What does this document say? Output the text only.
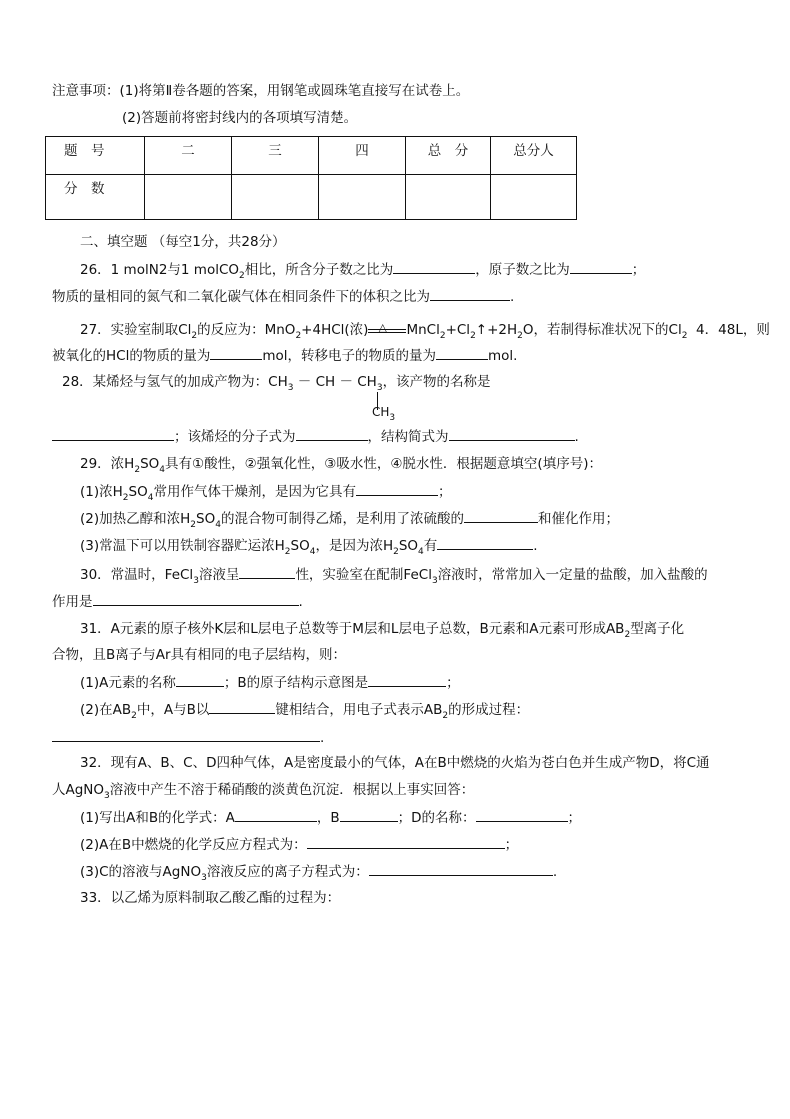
注意事项：(1)将第Ⅱ卷各题的答案，用钢笔或圆珠笔直接写在试卷上。
(2)答题前将密封线内的各项填写清楚。
题　号	二	三	四	总　分	总分人
分　数					
二、填空题 （每空1分，共28分）
26．1 molN2与1 molCO$_2$相比，所含分子数之比为	，原子数之比为	；
物质的量相同的氮气和二氧化碳气体在相同条件下的体积之比为	.
27．实验室制取$Cl_2$的反应为：MnO$_2$+4HCl(浓) △ $MnCl_2+Cl_2↑+2H_2O$，若制得标准状况下的$Cl_2$ 4．48L，则
被氧化的HCl的物质的量为	mol，转移电子的物质的量为	mol.
28．某烯烃与氢气的加成产物为：$CH_3$ － CH － $CH_3$，该产物的名称是
$CH_3$
；该烯烃的分子式为	，结构简式为	.
29．浓$H_2SO_4$具有①酸性，②强氧化性，③吸水性，④脱水性．根据题意填空(填序号)：
(1)浓$H_2SO_4$常用作气体干燥剂，是因为它具有	；
(2)加热乙醇和浓$H_2SO_4$的混合物可制得乙烯，是利用了浓硫酸的	和催化作用；
(3)常温下可以用铁制容器贮运浓$H_2SO_4$，是因为浓$H_2SO_4$有	.
30．常温时，FeCl$_3$溶液呈	性，实验室在配制FeCl$_3$溶液时，常常加入一定量的盐酸，加入盐酸的
作用是	.
31．A元素的原子核外K层和L层电子总数等于M层和L层电子总数，B元素和A元素可形成$AB_2$型离子化
合物，且B离子与Ar具有相同的电子层结构，则：
(1)A元素的名称	；B的原子结构示意图是	；
(2)在$AB_2$中，A与B以	键相结合，用电子式表示$AB_2$的形成过程：
.
32．现有A、B、C、D四种气体，A是密度最小的气体，A在B中燃烧的火焰为苍白色并生成产物D，将C通
人AgNO$_3$溶液中产生不溶于稀硝酸的淡黄色沉淀．根据以上事实回答：
(1)写出A和B的化学式：A	，B	；D的名称：	；
(2)A在B中燃烧的化学反应方程式为：	；
(3)C的溶液与AgNO$_3$溶液反应的离子方程式为：	.
33．以乙烯为原料制取乙酸乙酯的过程为：
